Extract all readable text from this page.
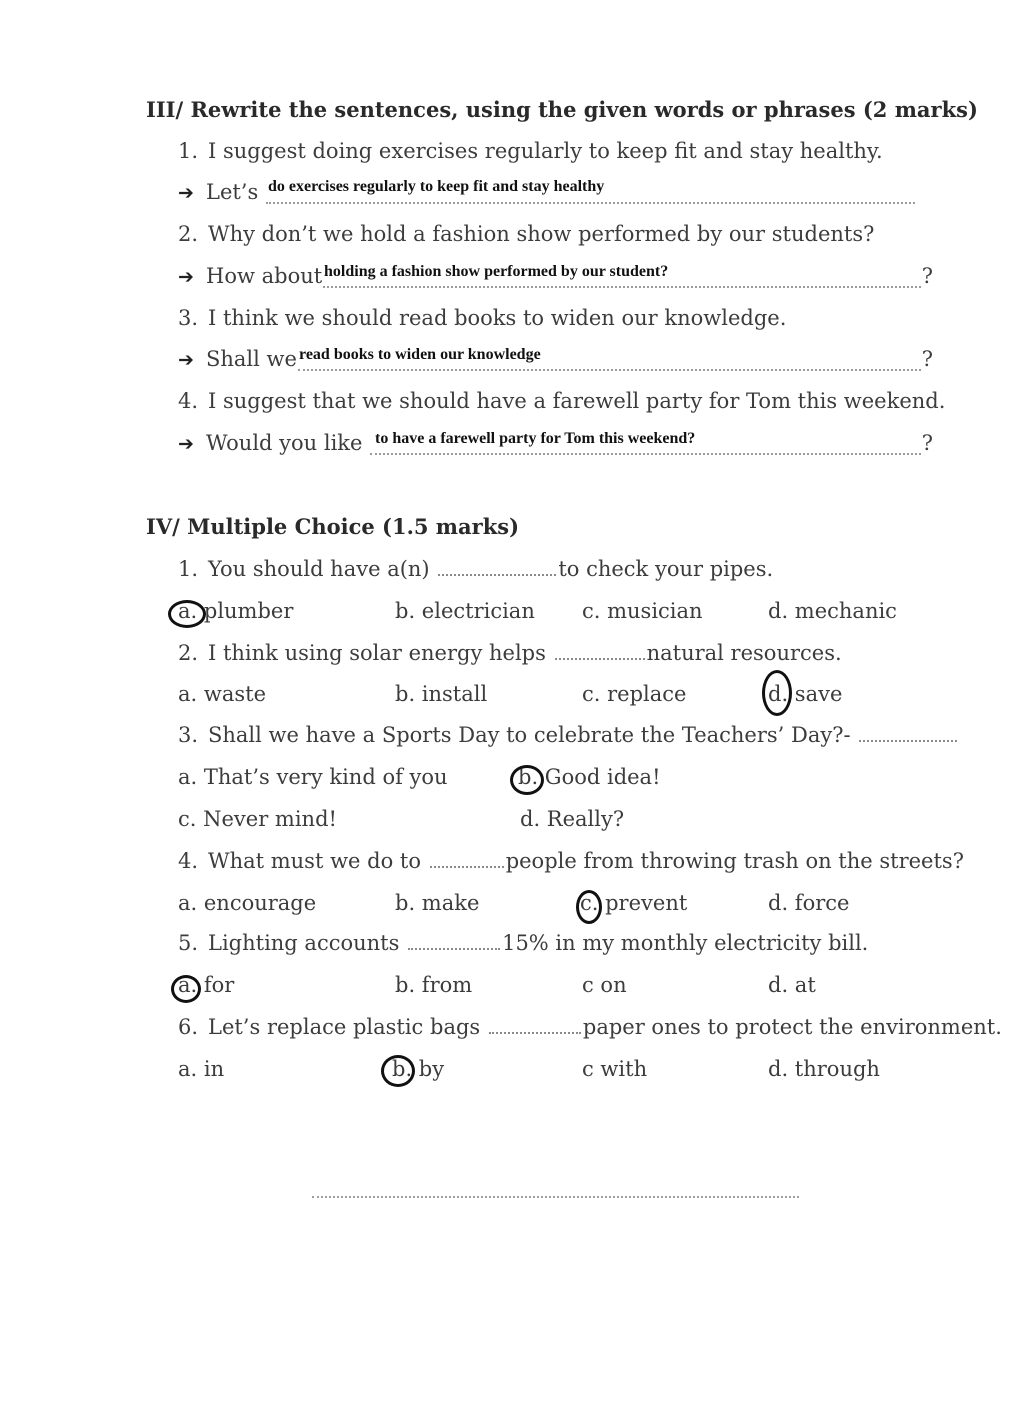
III/ Rewrite the sentences, using the given words or phrases (2 marks)
1. I suggest doing exercises regularly to keep fit and stay healthy.
➔ Let’s do exercises regularly to keep fit and stay healthy
2. Why don’t we hold a fashion show performed by our students?
➔ How about holding a fashion show performed by our student?	?
3. I think we should read books to widen our knowledge.
➔ Shall we read books to widen our knowledge	?
4. I suggest that we should have a farewell party for Tom this weekend.
➔ Would you like to have a farewell party for Tom this weekend?	?
IV/ Multiple Choice (1.5 marks)
1. You should have a(n)	to check your pipes.
a. plumber	b. electrician c. musician	d. mechanic
2. I think using solar energy helps	natural resources.
a. waste	b. install	c. replace	d. save
3. Shall we have a Sports Day to celebrate the Teachers’ Day?-
a. That’s very kind of you	b. Good idea!
c. Never mind!	d. Really?
4. What must we do to	people from throwing trash on the streets?
a. encourage	b. make	c. prevent	d. force
5. Lighting accounts	15% in my monthly electricity bill.
a. for	b. from	c on	d. at
6. Let’s replace plastic bags	paper ones to protect the environment.
a. in	b. by	c with	d. through
